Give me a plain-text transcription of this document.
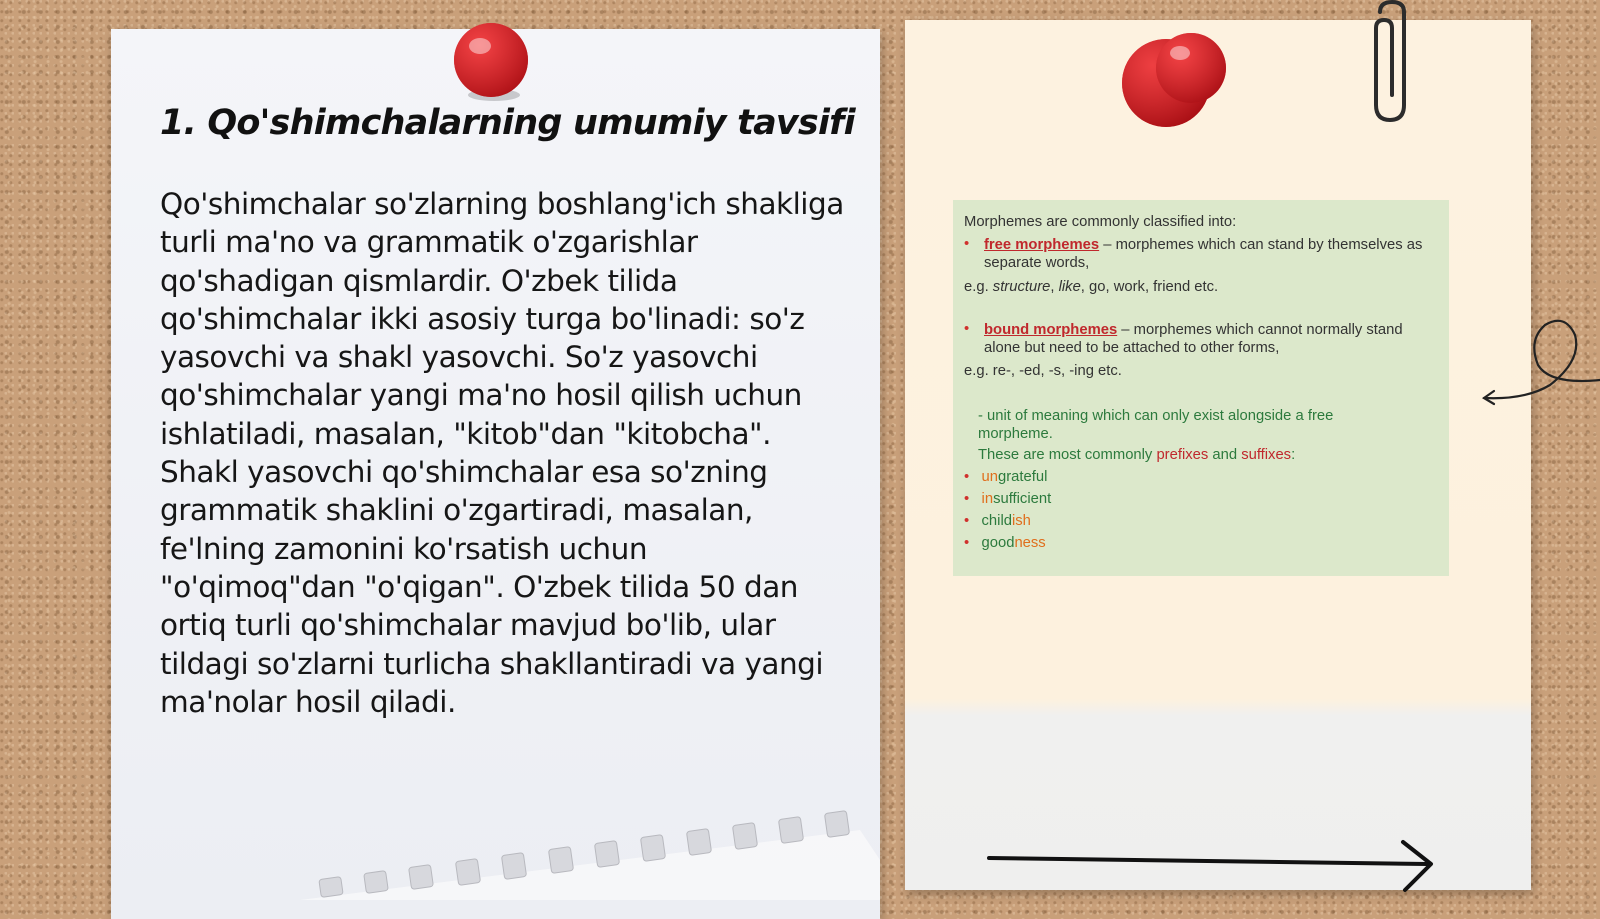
1. Qo'shimchalarning umumiy tavsifi

Qo'shimchalar so'zlarning boshlang'ich shakliga turli ma'no va grammatik o'zgarishlar qo'shadigan qismlardir. O'zbek tilida qo'shimchalar ikki asosiy turga bo'linadi: so'z yasovchi va shakl yasovchi. So'z yasovchi qo'shimchalar yangi ma'no hosil qilish uchun ishlatiladi, masalan, "kitob"dan "kitobcha". Shakl yasovchi qo'shimchalar esa so'zning grammatik shaklini o'zgartiradi, masalan, fe'lning zamonini ko'rsatish uchun "o'qimoq"dan "o'qigan". O'zbek tilida 50 dan ortiq turli qo'shimchalar mavjud bo'lib, ular tildagi so'zlarni turlicha shakllantiradi va yangi ma'nolar hosil qiladi.

Morphemes are commonly classified into:

• free morphemes – morphemes which can stand by themselves as separate words,

e.g. structure, like, go, work, friend etc.

• bound morphemes – morphemes which cannot normally stand alone but need to be attached to other forms,

e.g. re-, -ed, -s, -ing etc.

- unit of meaning which can only exist alongside a free morpheme.

These are most commonly prefixes and suffixes:

• ungrateful
• insufficient
• childish
• goodness
